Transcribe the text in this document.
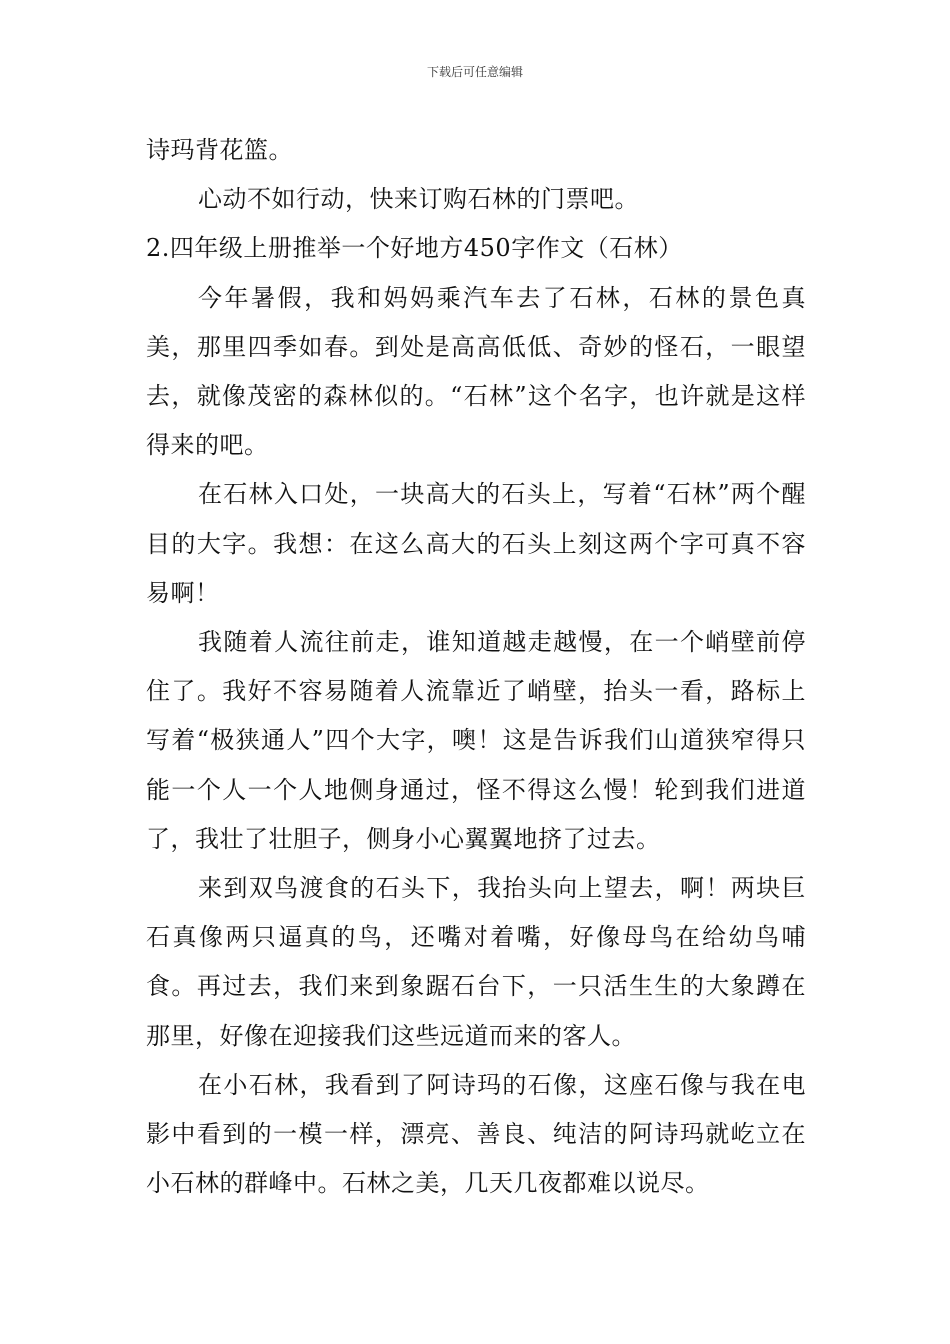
下载后可任意编辑

诗玛背花篮。

心动不如行动，快来订购石林的门票吧。

2.四年级上册推举一个好地方450字作文（石林）

今年暑假，我和妈妈乘汽车去了石林，石林的景色真美，那里四季如春。到处是高高低低、奇妙的怪石，一眼望去，就像茂密的森林似的。“石林”这个名字，也许就是这样得来的吧。

在石林入口处，一块高大的石头上，写着“石林”两个醒目的大字。我想：在这么高大的石头上刻这两个字可真不容易啊！

我随着人流往前走，谁知道越走越慢，在一个峭壁前停住了。我好不容易随着人流靠近了峭壁，抬头一看，路标上写着“极狭通人”四个大字，噢！这是告诉我们山道狭窄得只能一个人一个人地侧身通过，怪不得这么慢！轮到我们进道了，我壮了壮胆子，侧身小心翼翼地挤了过去。

来到双鸟渡食的石头下，我抬头向上望去，啊！两块巨石真像两只逼真的鸟，还嘴对着嘴，好像母鸟在给幼鸟哺食。再过去，我们来到象踞石台下，一只活生生的大象蹲在那里，好像在迎接我们这些远道而来的客人。

在小石林，我看到了阿诗玛的石像，这座石像与我在电影中看到的一模一样，漂亮、善良、纯洁的阿诗玛就屹立在小石林的群峰中。石林之美，几天几夜都难以说尽。
